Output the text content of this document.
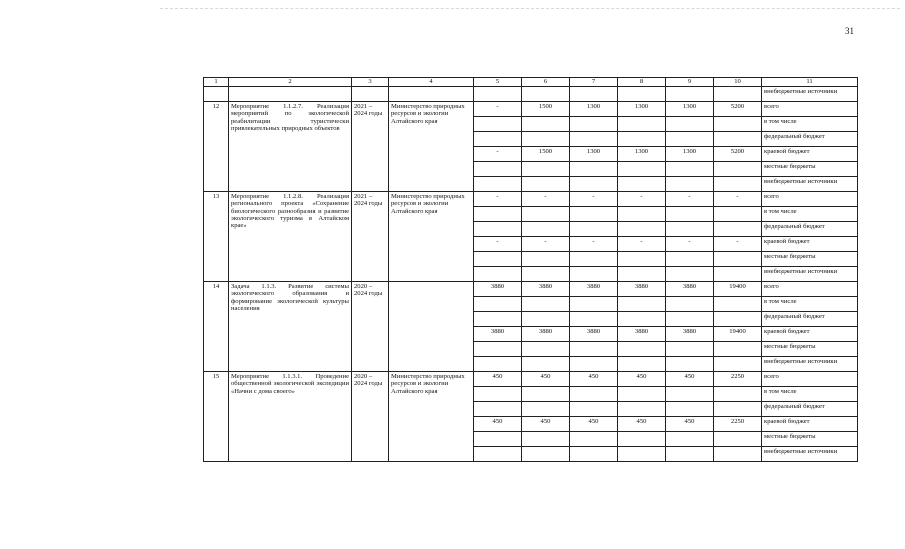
31
1	2	3	4	5	6	7	8	9	10	11
										внебюджетные источники
12	Мероприятие 1.1.2.7. Реализация мероприятий по экологической реабилитации туристически привлекательных природных объектов	2021 – 2024 годы	Министерство природных ресурсов и экологии Алтайского края	-	1500	1300	1300	1300	5200	всего
										в том числе
										федеральный бюджет
				-	1500	1300	1300	1300	5200	краевой бюджет
										местные бюджеты
										внебюджетные источники
13	Мероприятие 1.1.2.8. Реализация регионального проекта «Сохранение биологического разнообразия и развитие экологического туризма в Алтайском крае»	2021 – 2024 годы	Министерство природных ресурсов и экологии Алтайского края	-	-	-	-	-	-	всего
										в том числе
										федеральный бюджет
				-	-	-	-	-	-	краевой бюджет
										местные бюджеты
										внебюджетные источники
14	Задача 1.1.3. Развитие системы экологического образования и формирование экологической культуры населения	2020 – 2024 годы		3880	3880	3880	3880	3880	19400	всего
										в том числе
										федеральный бюджет
				3880	3880	3880	3880	3880	19400	краевой бюджет
										местные бюджеты
										внебюджетные источники
15	Мероприятие 1.1.3.1. Проведение общественной экологической экспедиции «Начни с дома своего»	2020 – 2024 годы	Министерство природных ресурсов и экологии Алтайского края	450	450	450	450	450	2250	всего
										в том числе
										федеральный бюджет
				450	450	450	450	450	2250	краевой бюджет
										местные бюджеты
										внебюджетные источники
